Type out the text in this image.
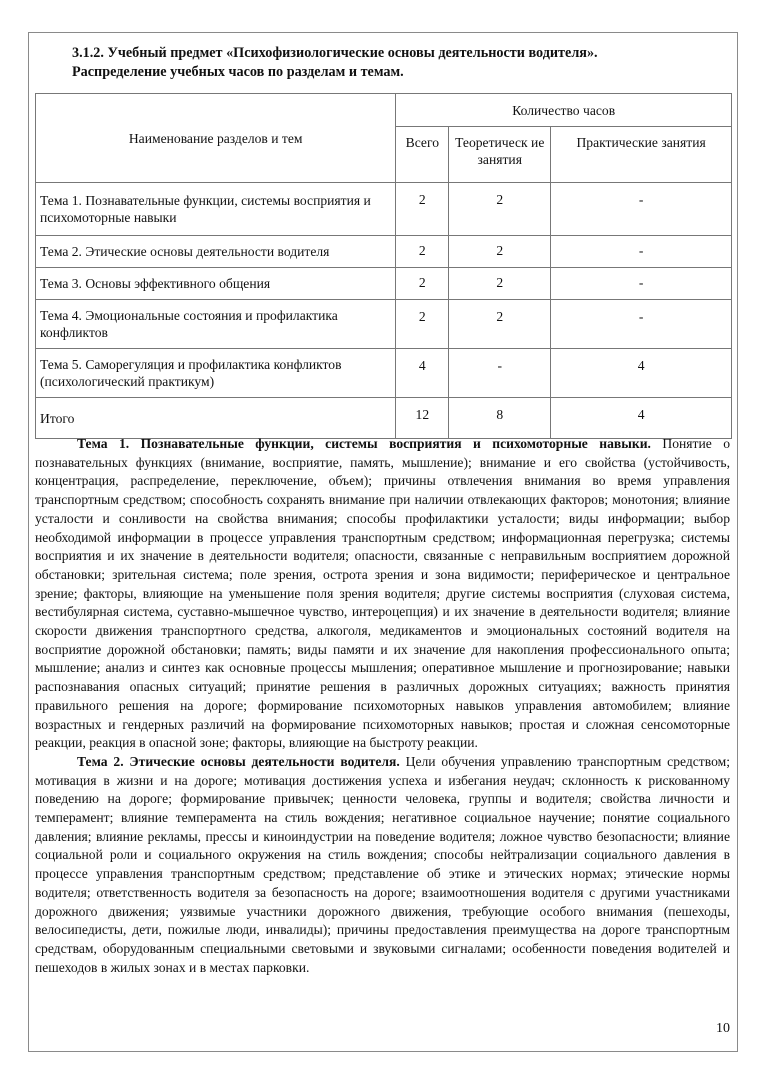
3.1.2. Учебный предмет «Психофизиологические основы деятельности водителя».
Распределение учебных часов по разделам и темам.
Наименование разделов и тем	Количество часов		
	Всего	Теоретическ ие занятия	Практические занятия
Тема 1. Познавательные функции, системы восприятия и психомоторные навыки	2	2	-
Тема 2. Этические основы деятельности водителя	2	2	-
Тема 3. Основы эффективного общения	2	2	-
Тема 4. Эмоциональные состояния и профилактика конфликтов	2	2	-
Тема 5. Саморегуляция и профилактика конфликтов (психологический практикум)	4	-	4
Итого	12	8	4

Тема 1. Познавательные функции, системы восприятия и психомоторные навыки. Понятие о познавательных функциях (внимание, восприятие, память, мышление); внимание и его свойства (устойчивость, концентрация, распределение, переключение, объем); причины отвлечения внимания во время управления транспортным средством; способность сохранять внимание при наличии отвлекающих факторов; монотония; влияние усталости и сонливости на свойства внимания; способы профилактики усталости; виды информации; выбор необходимой информации в процессе управления транспортным средством; информационная перегрузка; системы восприятия и их значение в деятельности водителя; опасности, связанные с неправильным восприятием дорожной обстановки; зрительная система; поле зрения, острота зрения и зона видимости; периферическое и центральное зрение; факторы, влияющие на уменьшение поля зрения водителя; другие системы восприятия (слуховая система, вестибулярная система, суставно-мышечное чувство, интероцепция) и их значение в деятельности водителя; влияние скорости движения транспортного средства, алкоголя, медикаментов и эмоциональных состояний водителя на восприятие дорожной обстановки; память; виды памяти и их значение для накопления профессионального опыта; мышление; анализ и синтез как основные процессы мышления; оперативное мышление и прогнозирование; навыки распознавания опасных ситуаций; принятие решения в различных дорожных ситуациях; важность принятия правильного решения на дороге; формирование психомоторных навыков управления автомобилем; влияние возрастных и гендерных различий на формирование психомоторных навыков; простая и сложная сенсомоторные реакции, реакция в опасной зоне; факторы, влияющие на быстроту реакции.

Тема 2. Этические основы деятельности водителя. Цели обучения управлению транспортным средством; мотивация в жизни и на дороге; мотивация достижения успеха и избегания неудач; склонность к рискованному поведению на дороге; формирование привычек; ценности человека, группы и водителя; свойства личности и темперамент; влияние темперамента на стиль вождения; негативное социальное научение; понятие социального давления; влияние рекламы, прессы и киноиндустрии на поведение водителя; ложное чувство безопасности; влияние социальной роли и социального окружения на стиль вождения; способы нейтрализации социального давления в процессе управления транспортным средством; представление об этике и этических нормах; этические нормы водителя; ответственность водителя за безопасность на дороге; взаимоотношения водителя с другими участниками дорожного движения; уязвимые участники дорожного движения, требующие особого внимания (пешеходы, велосипедисты, дети, пожилые люди, инвалиды); причины предоставления преимущества на дороге транспортным средствам, оборудованным специальными световыми и звуковыми сигналами; особенности поведения водителей и пешеходов в жилых зонах и в местах парковки.

10
